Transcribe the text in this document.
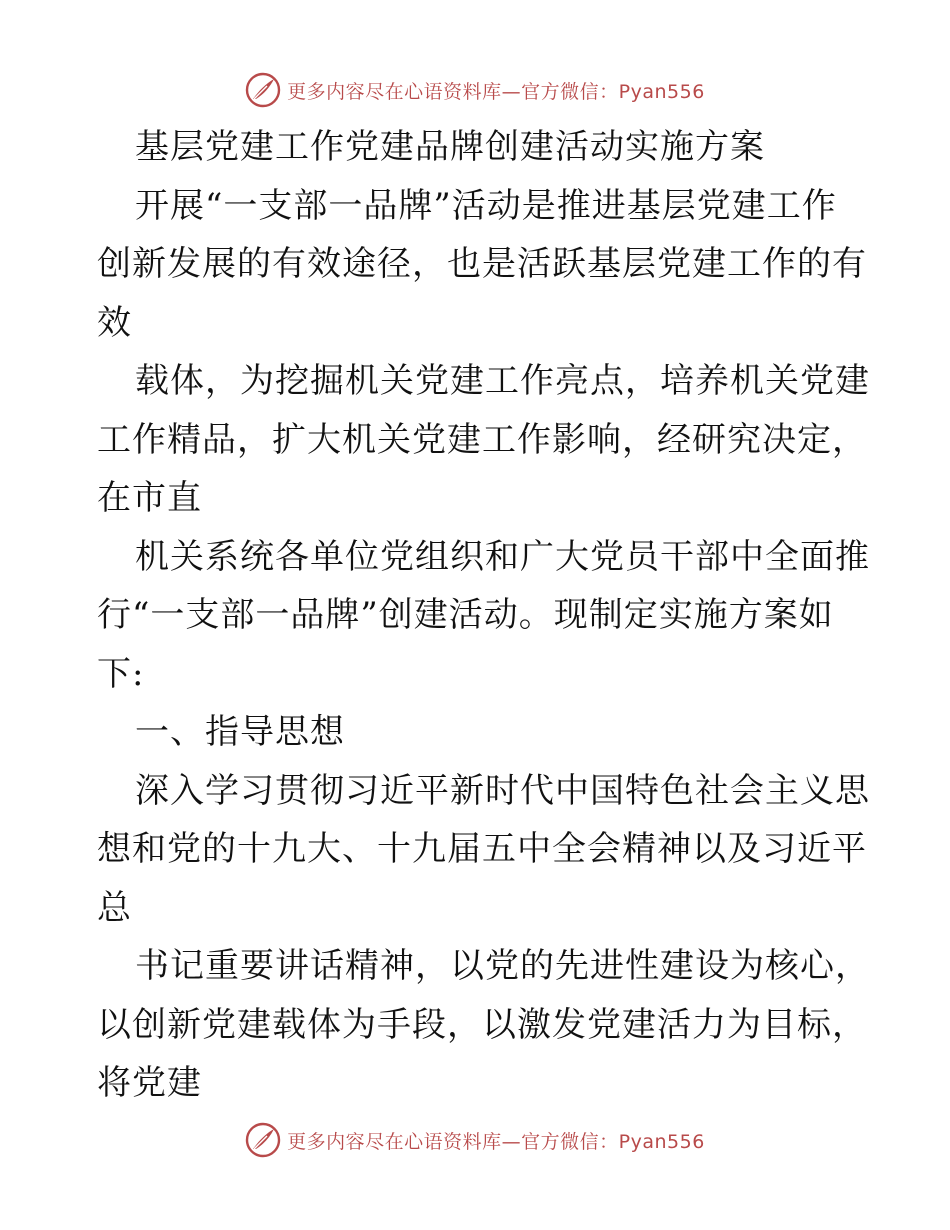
更多内容尽在心语资料库—官方微信：Pyan556
基层党建工作党建品牌创建活动实施方案
开展“一支部一品牌”活动是推进基层党建工作
创新发展的有效途径，也是活跃基层党建工作的有
效
载体，为挖掘机关党建工作亮点，培养机关党建
工作精品，扩大机关党建工作影响，经研究决定，
在市直
机关系统各单位党组织和广大党员干部中全面推
行“一支部一品牌”创建活动。现制定实施方案如
下:
一、指导思想
深入学习贯彻习近平新时代中国特色社会主义思
想和党的十九大、十九届五中全会精神以及习近平
总
书记重要讲话精神，以党的先进性建设为核心，
以创新党建载体为手段，以激发党建活力为目标，
将党建
更多内容尽在心语资料库—官方微信：Pyan556
